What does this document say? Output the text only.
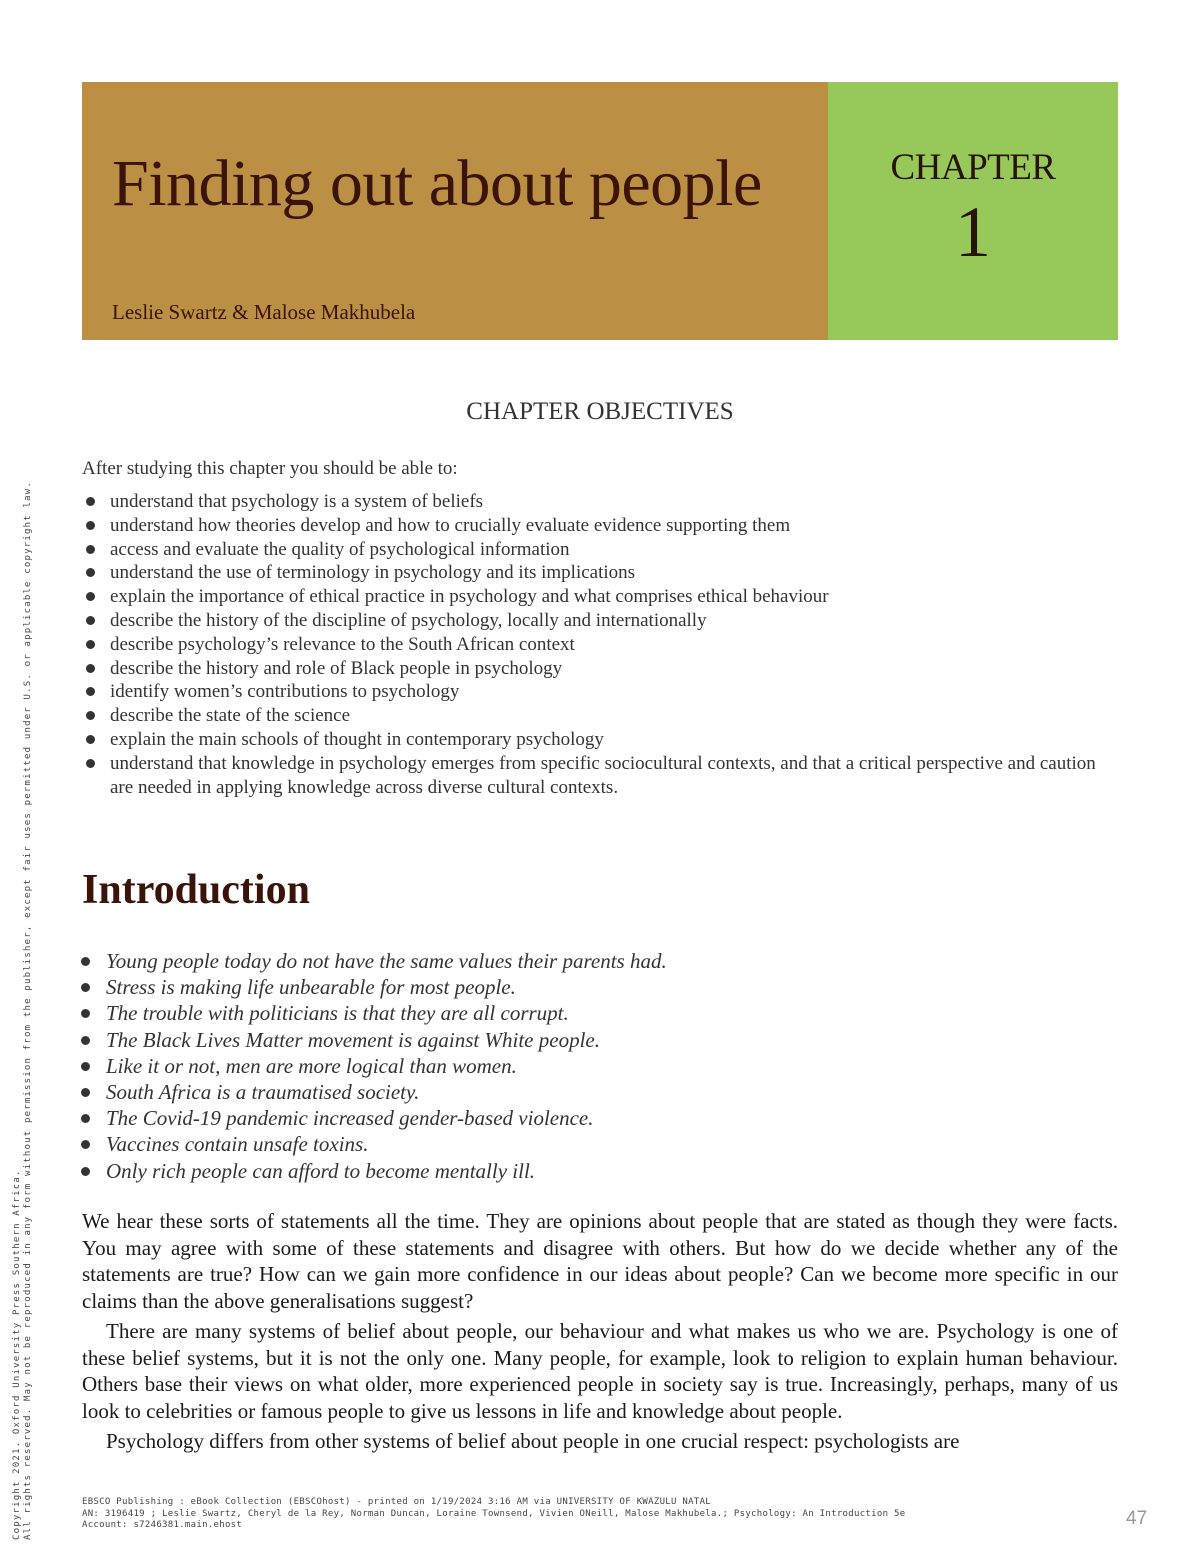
Finding out about people

Leslie Swartz & Malose Makhubela

CHAPTER
1
CHAPTER OBJECTIVES
After studying this chapter you should be able to:
understand that psychology is a system of beliefs
understand how theories develop and how to crucially evaluate evidence supporting them
access and evaluate the quality of psychological information
understand the use of terminology in psychology and its implications
explain the importance of ethical practice in psychology and what comprises ethical behaviour
describe the history of the discipline of psychology, locally and internationally
describe psychology’s relevance to the South African context
describe the history and role of Black people in psychology
identify women’s contributions to psychology
describe the state of the science
explain the main schools of thought in contemporary psychology
understand that knowledge in psychology emerges from specific sociocultural contexts, and that a critical perspective and caution are needed in applying knowledge across diverse cultural contexts.
Introduction
Young people today do not have the same values their parents had.
Stress is making life unbearable for most people.
The trouble with politicians is that they are all corrupt.
The Black Lives Matter movement is against White people.
Like it or not, men are more logical than women.
South Africa is a traumatised society.
The Covid-19 pandemic increased gender-based violence.
Vaccines contain unsafe toxins.
Only rich people can afford to become mentally ill.

We hear these sorts of statements all the time. They are opinions about people that are stated as though they were facts. You may agree with some of these statements and disagree with others. But how do we decide whether any of the statements are true? How can we gain more confidence in our ideas about people? Can we become more specific in our claims than the above generalisations suggest?

There are many systems of belief about people, our behaviour and what makes us who we are. Psychology is one of these belief systems, but it is not the only one. Many people, for example, look to religion to explain human behaviour. Others base their views on what older, more experienced people in society say is true. Increasingly, perhaps, many of us look to celebrities or famous people to give us lessons in life and knowledge about people.

Psychology differs from other systems of belief about people in one crucial respect: psychologists are

Copyright 2021. Oxford University Press Southern Africa. All rights reserved. May not be reproduced in any form without permission from the publisher, except fair uses permitted under U.S. or applicable copyright law.	EBSCO Publishing : eBook Collection (EBSCOhost) - printed on 1/19/2024 3:16 AM via UNIVERSITY OF KWAZULU NATAL
AN: 3196419 ; Leslie Swartz, Cheryl de la Rey, Norman Duncan, Loraine Townsend, Vivien ONeill, Malose Makhubela.; Psychology: An Introduction 5e
Account: s7246381.main.ehost	47
